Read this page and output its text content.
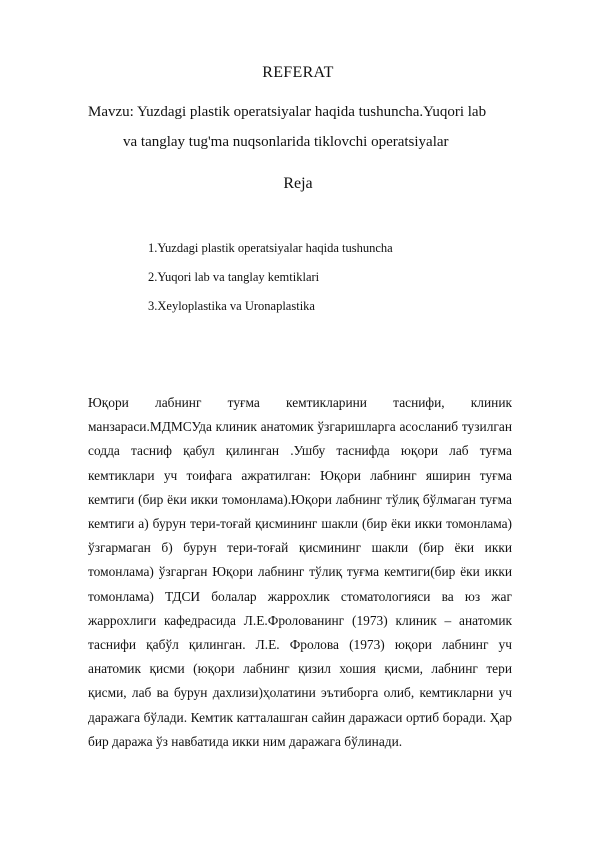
REFERAT
Mavzu: Yuzdagi plastik operatsiyalar haqida tushuncha.Yuqori lab
va tanglay tug'ma nuqsonlarida tiklovchi operatsiyalar
Reja
1.Yuzdagi plastik operatsiyalar haqida tushuncha
2.Yuqori lab va tanglay kemtiklari
3.Xeyloplastika va Uronaplastika

Юқори лабнинг туғма кемтикларини таснифи, клиник манзараси.МДМСУда клиник анатомик ўзгаришларга асосланиб тузилган содда тасниф қабул қилинган .Ушбу таснифда юқори лаб туғма кемтиклари уч тоифага ажратилган: Юқори лабнинг яширин туғма кемтиги (бир ёки икки томонлама).Юқори лабнинг тўлиқ бўлмаган туғма кемтиги а) бурун тери-тоғай қисмининг шакли (бир ёки икки томонлама) ўзгармаган б) бурун тери-тоғай қисмининг шакли (бир ёки икки томонлама) ўзгарган Юқори лабнинг тўлиқ туғма кемтиги(бир ёки икки томонлама) ТДСИ болалар жаррохлик стоматологияси ва юз жаг жаррохлиги кафедрасида Л.Е.Фроловaнинг (1973) клиник – анатомик таснифи қабўл қилинган. Л.Е. Фролова (1973) юқори лабнинг уч анатомик қисми (юқори лабнинг қизил хошия қисми, лабнинг тери қисми, лаб ва бурун дахлизи)ҳолатини эътиборга олиб, кемтикларни уч даражага бўлади. Кемтик катталашган сайин даражаси ортиб боради. Ҳар бир даража ўз навбатида икки ним даражага бўлинади.
